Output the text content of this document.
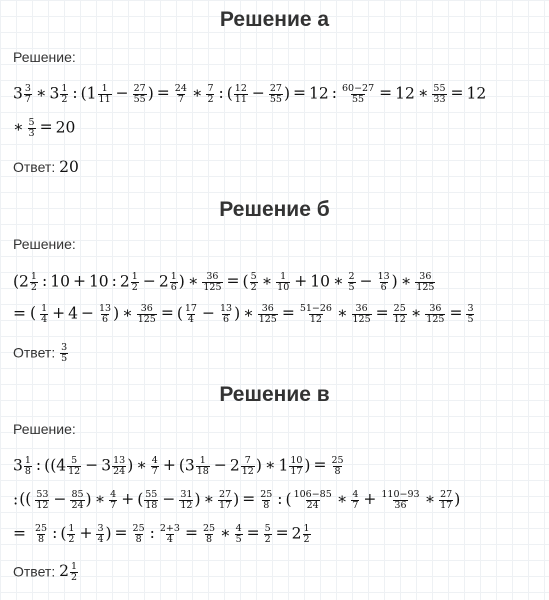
Решение а
Решение:
$3 \frac{3}{7}$ ∗ $3 \frac{1}{2}$ : ($1 \frac{1}{11} - \frac{27}{55}$ ) = $\frac{24}{7}$ ∗ $\frac{7}{2}$ : ( $\frac{12}{11} - \frac{27}{55}$ ) = 12 : $\frac{60-27}{55} = 12$ ∗ $\frac{55}{33} = 12$
∗ $\frac{5}{3} = 20$
Ответ: 20
Решение б
Решение:
($2 \frac{1}{2}$ : 10 + 10 : $2 \frac{1}{2} - 2 \frac{1}{6}$ ) ∗ $\frac{36}{125}$ = ( $\frac{5}{2}$ ∗ $\frac{1}{10} + 10$ ∗ $\frac{2}{5} - \frac{13}{6}$ ) ∗ $\frac{36}{125}$
= ( $\frac{1}{4} + 4 - \frac{13}{6}$ ) ∗ $\frac{36}{125}$ = ( $\frac{17}{4} - \frac{13}{6}$ ) ∗ $\frac{36}{125} = \frac{51-26}{12}$ ∗ $\frac{36}{125} = \frac{25}{12}$ ∗ $\frac{36}{125} = \frac{3}{5}$
Ответ: $\frac{3}{5}$
Решение в
Решение:
$3 \frac{1}{8}$ : (($4 \frac{5}{12} - 3 \frac{13}{24}$ ) ∗ $\frac{4}{7} + (3 \frac{1}{18} - 2 \frac{7}{12}$ ) ∗ $1 \frac{10}{17}$ ) = $\frac{25}{8}$
:(( $\frac{53}{12} - \frac{85}{24}$ ) ∗ $\frac{4}{7}$ + ( $\frac{55}{18} - \frac{31}{12}$ ) ∗ $\frac{27}{17}$ ) = $\frac{25}{8}$ : ( $\frac{106-85}{24}$ ∗ $\frac{4}{7} + \frac{110-93}{36}$ ∗ $\frac{27}{17}$ )
= $\frac{25}{8}$ : ( $\frac{1}{2} + \frac{3}{4}$ ) = $\frac{25}{8}$ : $\frac{2+3}{4} = \frac{25}{8}$ ∗ $\frac{4}{5} = \frac{5}{2} = 2 \frac{1}{2}$
Ответ: $2 \frac{1}{2}$
